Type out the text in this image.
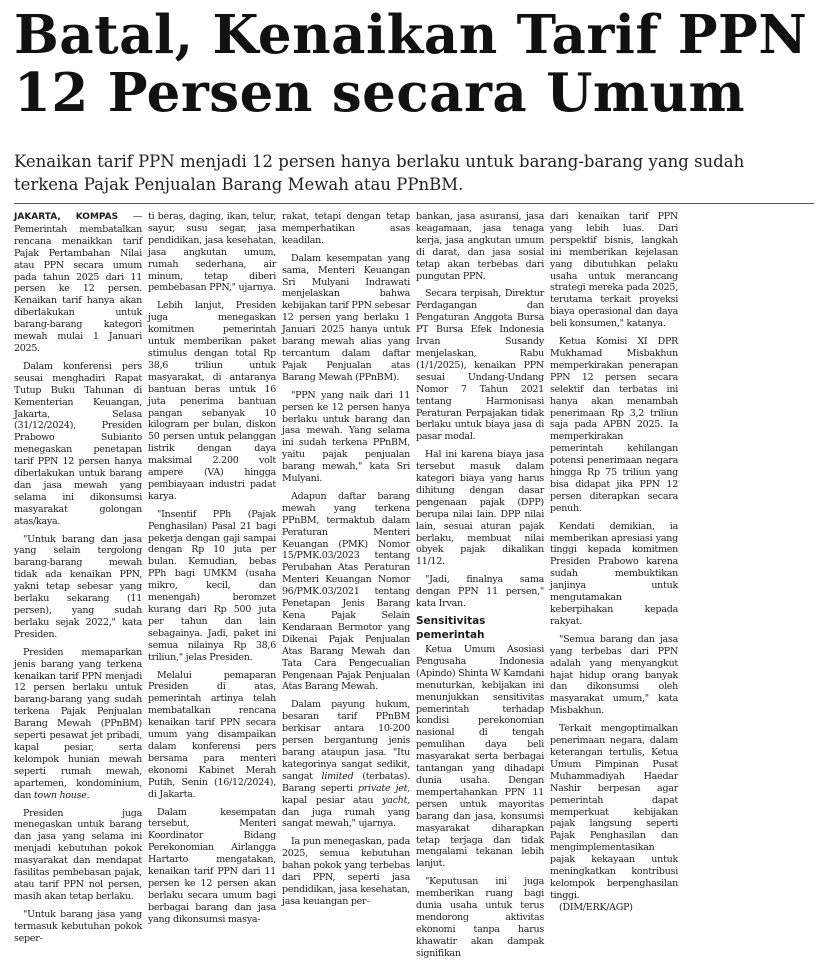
Batal, Kenaikan Tarif PPN
12 Persen secara Umum
Kenaikan tarif PPN menjadi 12 persen hanya berlaku untuk barang-barang yang sudah
terkena Pajak Penjualan Barang Mewah atau PPnBM.

JAKARTA, KOMPAS — Pemerintah membatalkan rencana menaikkan tarif Pajak Pertambahan Nilai atau PPN secara umum pada tahun 2025 dari 11 persen ke 12 persen. Kenaikan tarif hanya akan diberlakukan untuk barang-barang kategori mewah mulai 1 Januari 2025.

Dalam konferensi pers seusai menghadiri Rapat Tutup Buku Tahunan di Kementerian Keuangan, Jakarta, Selasa (31/12/2024), Presiden Prabowo Subianto menegaskan penetapan tarif PPN 12 persen hanya diberlakukan untuk barang dan jasa mewah yang selama ini dikonsumsi masyarakat golongan atas/kaya.

"Untuk barang dan jasa yang selain tergolong barang-barang mewah tidak ada kenaikan PPN, yakni tetap sebesar yang berlaku sekarang (11 persen), yang sudah berlaku sejak 2022," kata Presiden.

Presiden memaparkan jenis barang yang terkena kenaikan tarif PPN menjadi 12 persen berlaku untuk barang-barang yang sudah terkena Pajak Penjualan Barang Mewah (PPnBM) seperti pesawat jet pribadi, kapal pesiar, serta kelompok hunian mewah seperti rumah mewah, apartemen, kondominium, dan town house.

Presiden juga menegaskan untuk barang dan jasa yang selama ini menjadi kebutuhan pokok masyarakat dan mendapat fasilitas pembebasan pajak, atau tarif PPN nol persen, masih akan tetap berlaku.

"Untuk barang jasa yang termasuk kebutuhan pokok seper-

ti beras, daging, ikan, telur, sayur, susu segar, jasa pendidikan, jasa kesehatan, jasa angkutan umum, rumah sederhana, air minum, tetap diberi pembebasan PPN," ujarnya.

Lebih lanjut, Presiden juga menegaskan komitmen pemerintah untuk memberikan paket stimulus dengan total Rp 38,6 triliun untuk masyarakat, di antaranya bantuan beras untuk 16 juta penerima bantuan pangan sebanyak 10 kilogram per bulan, diskon 50 persen untuk pelanggan listrik dengan daya maksimal 2.200 volt ampere (VA) hingga pembiayaan industri padat karya.

"Insentif PPh (Pajak Penghasilan) Pasal 21 bagi pekerja dengan gaji sampai dengan Rp 10 juta per bulan. Kemudian, bebas PPh bagi UMKM (usaha mikro, kecil, dan menengah) beromzet kurang dari Rp 500 juta per tahun dan lain sebagainya. Jadi, paket ini semua nilainya Rp 38,6 triliun," jelas Presiden.

Melalui pemaparan Presiden di atas, pemerintah artinya telah membatalkan rencana kenaikan tarif PPN secara umum yang disampaikan dalam konferensi pers bersama para menteri ekonomi Kabinet Merah Putih, Senin (16/12/2024), di Jakarta.

Dalam kesempatan tersebut, Menteri Koordinator Bidang Perekonomian Airlangga Hartarto mengatakan, kenaikan tarif PPN dari 11 persen ke 12 persen akan berlaku secara umum bagi berbagai barang dan jasa yang dikonsumsi masya-

rakat, tetapi dengan tetap memperhatikan asas keadilan.

Dalam kesempatan yang sama, Menteri Keuangan Sri Mulyani Indrawati menjelaskan bahwa kebijakan tarif PPN sebesar 12 persen yang berlaku 1 Januari 2025 hanya untuk barang mewah alias yang tercantum dalam daftar Pajak Penjualan atas Barang Mewah (PPnBM).

"PPN yang naik dari 11 persen ke 12 persen hanya berlaku untuk barang dan jasa mewah. Yang selama ini sudah terkena PPnBM, yaitu pajak penjualan barang mewah," kata Sri Mulyani.

Adapun daftar barang mewah yang terkena PPnBM, termaktub dalam Peraturan Menteri Keuangan (PMK) Nomor 15/PMK.03/2023 tentang Perubahan Atas Peraturan Menteri Keuangan Nomor 96/PMK.03/2021 tentang Penetapan Jenis Barang Kena Pajak Selain Kendaraan Bermotor yang Dikenai Pajak Penjualan Atas Barang Mewah dan Tata Cara Pengecualian Pengenaan Pajak Penjualan Atas Barang Mewah.

Dalam payung hukum, besaran tarif PPnBM berkisar antara 10-200 persen bergantung jenis barang ataupun jasa. "Itu kategorinya sangat sedikit, sangat limited (terbatas). Barang seperti private jet, kapal pesiar atau yacht, dan juga rumah yang sangat mewah," ujarnya.

Ia pun menegaskan, pada 2025, semua kebutuhan bahan pokok yang terbebas dari PPN, seperti jasa pendidikan, jasa kesehatan, jasa keuangan per-

bankan, jasa asuransi, jasa keagamaan, jasa tenaga kerja, jasa angkutan umum di darat, dan jasa sosial tetap akan terbebas dari pungutan PPN.

Secara terpisah, Direktur Perdagangan dan Pengaturan Anggota Bursa PT Bursa Efek Indonesia Irvan Susandy menjelaskan, Rabu (1/1/2025), kenaikan PPN sesuai Undang-Undang Nomor 7 Tahun 2021 tentang Harmonisasi Peraturan Perpajakan tidak berlaku untuk biaya jasa di pasar modal.

Hal ini karena biaya jasa tersebut masuk dalam kategori biaya yang harus dihitung dengan dasar pengenaan pajak (DPP) berupa nilai lain. DPP nilai lain, sesuai aturan pajak berlaku, membuat nilai obyek pajak dikalikan 11/12.

"Jadi, finalnya sama dengan PPN 11 persen," kata Irvan.

Sensitivitas pemerintah

Ketua Umum Asosiasi Pengusaha Indonesia (Apindo) Shinta W Kamdani menuturkan, kebijakan ini menunjukkan sensitivitas pemerintah terhadap kondisi perekonomian nasional di tengah pemulihan daya beli masyarakat serta berbagai tantangan yang dihadapi dunia usaha. Dengan mempertahankan PPN 11 persen untuk mayoritas barang dan jasa, konsumsi masyarakat diharapkan tetap terjaga dan tidak mengalami tekanan lebih lanjut.

"Keputusan ini juga memberikan ruang bagi dunia usaha untuk terus mendorong aktivitas ekonomi tanpa harus khawatir akan dampak signifikan

dari kenaikan tarif PPN yang lebih luas. Dari perspektif bisnis, langkah ini memberikan kejelasan yang dibutuhkan pelaku usaha untuk merancang strategi mereka pada 2025, terutama terkait proyeksi biaya operasional dan daya beli konsumen," katanya.

Ketua Komisi XI DPR Mukhamad Misbakhun memperkirakan penerapan PPN 12 persen secara selektif dan terbatas ini hanya akan menambah penerimaan Rp 3,2 triliun saja pada APBN 2025. Ia memperkirakan pemerintah kehilangan potensi penerimaan negara hingga Rp 75 triliun yang bisa didapat jika PPN 12 persen diterapkan secara penuh.

Kendati demikian, ia memberikan apresiasi yang tinggi kepada komitmen Presiden Prabowo karena sudah membuktikan janjinya untuk mengutamakan keberpihakan kepada rakyat.

"Semua barang dan jasa yang terbebas dari PPN adalah yang menyangkut hajat hidup orang banyak dan dikonsumsi oleh masyarakat umum," kata Misbakhun.

Terkait mengoptimalkan penerimaan negara, dalam keterangan tertulis, Ketua Umum Pimpinan Pusat Muhammadiyah Haedar Nashir berpesan agar pemerintah dapat memperkuat kebijakan pajak langsung seperti Pajak Penghasilan dan mengimplementasikan pajak kekayaan untuk meningkatkan kontribusi kelompok berpenghasilan tinggi.

(DIM/ERK/AGP)
